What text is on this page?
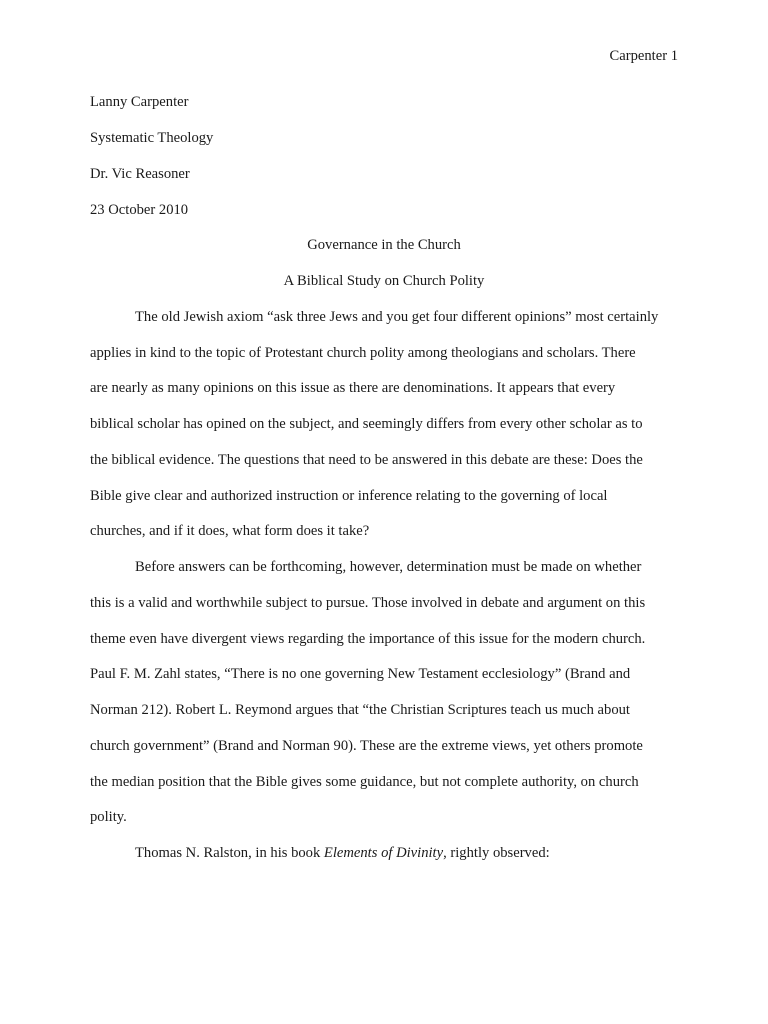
Carpenter 1
Lanny Carpenter
Systematic Theology
Dr. Vic Reasoner
23 October 2010
Governance in the Church
A Biblical Study on Church Polity
The old Jewish axiom “ask three Jews and you get four different opinions” most certainly
applies in kind to the topic of Protestant church polity among theologians and scholars. There
are nearly as many opinions on this issue as there are denominations. It appears that every
biblical scholar has opined on the subject, and seemingly differs from every other scholar as to
the biblical evidence. The questions that need to be answered in this debate are these: Does the
Bible give clear and authorized instruction or inference relating to the governing of local
churches, and if it does, what form does it take?
Before answers can be forthcoming, however, determination must be made on whether
this is a valid and worthwhile subject to pursue. Those involved in debate and argument on this
theme even have divergent views regarding the importance of this issue for the modern church.
Paul F. M. Zahl states, “There is no one governing New Testament ecclesiology” (Brand and
Norman 212). Robert L. Reymond argues that “the Christian Scriptures teach us much about
church government” (Brand and Norman 90). These are the extreme views, yet others promote
the median position that the Bible gives some guidance, but not complete authority, on church
polity.
Thomas N. Ralston, in his book Elements of Divinity, rightly observed:
